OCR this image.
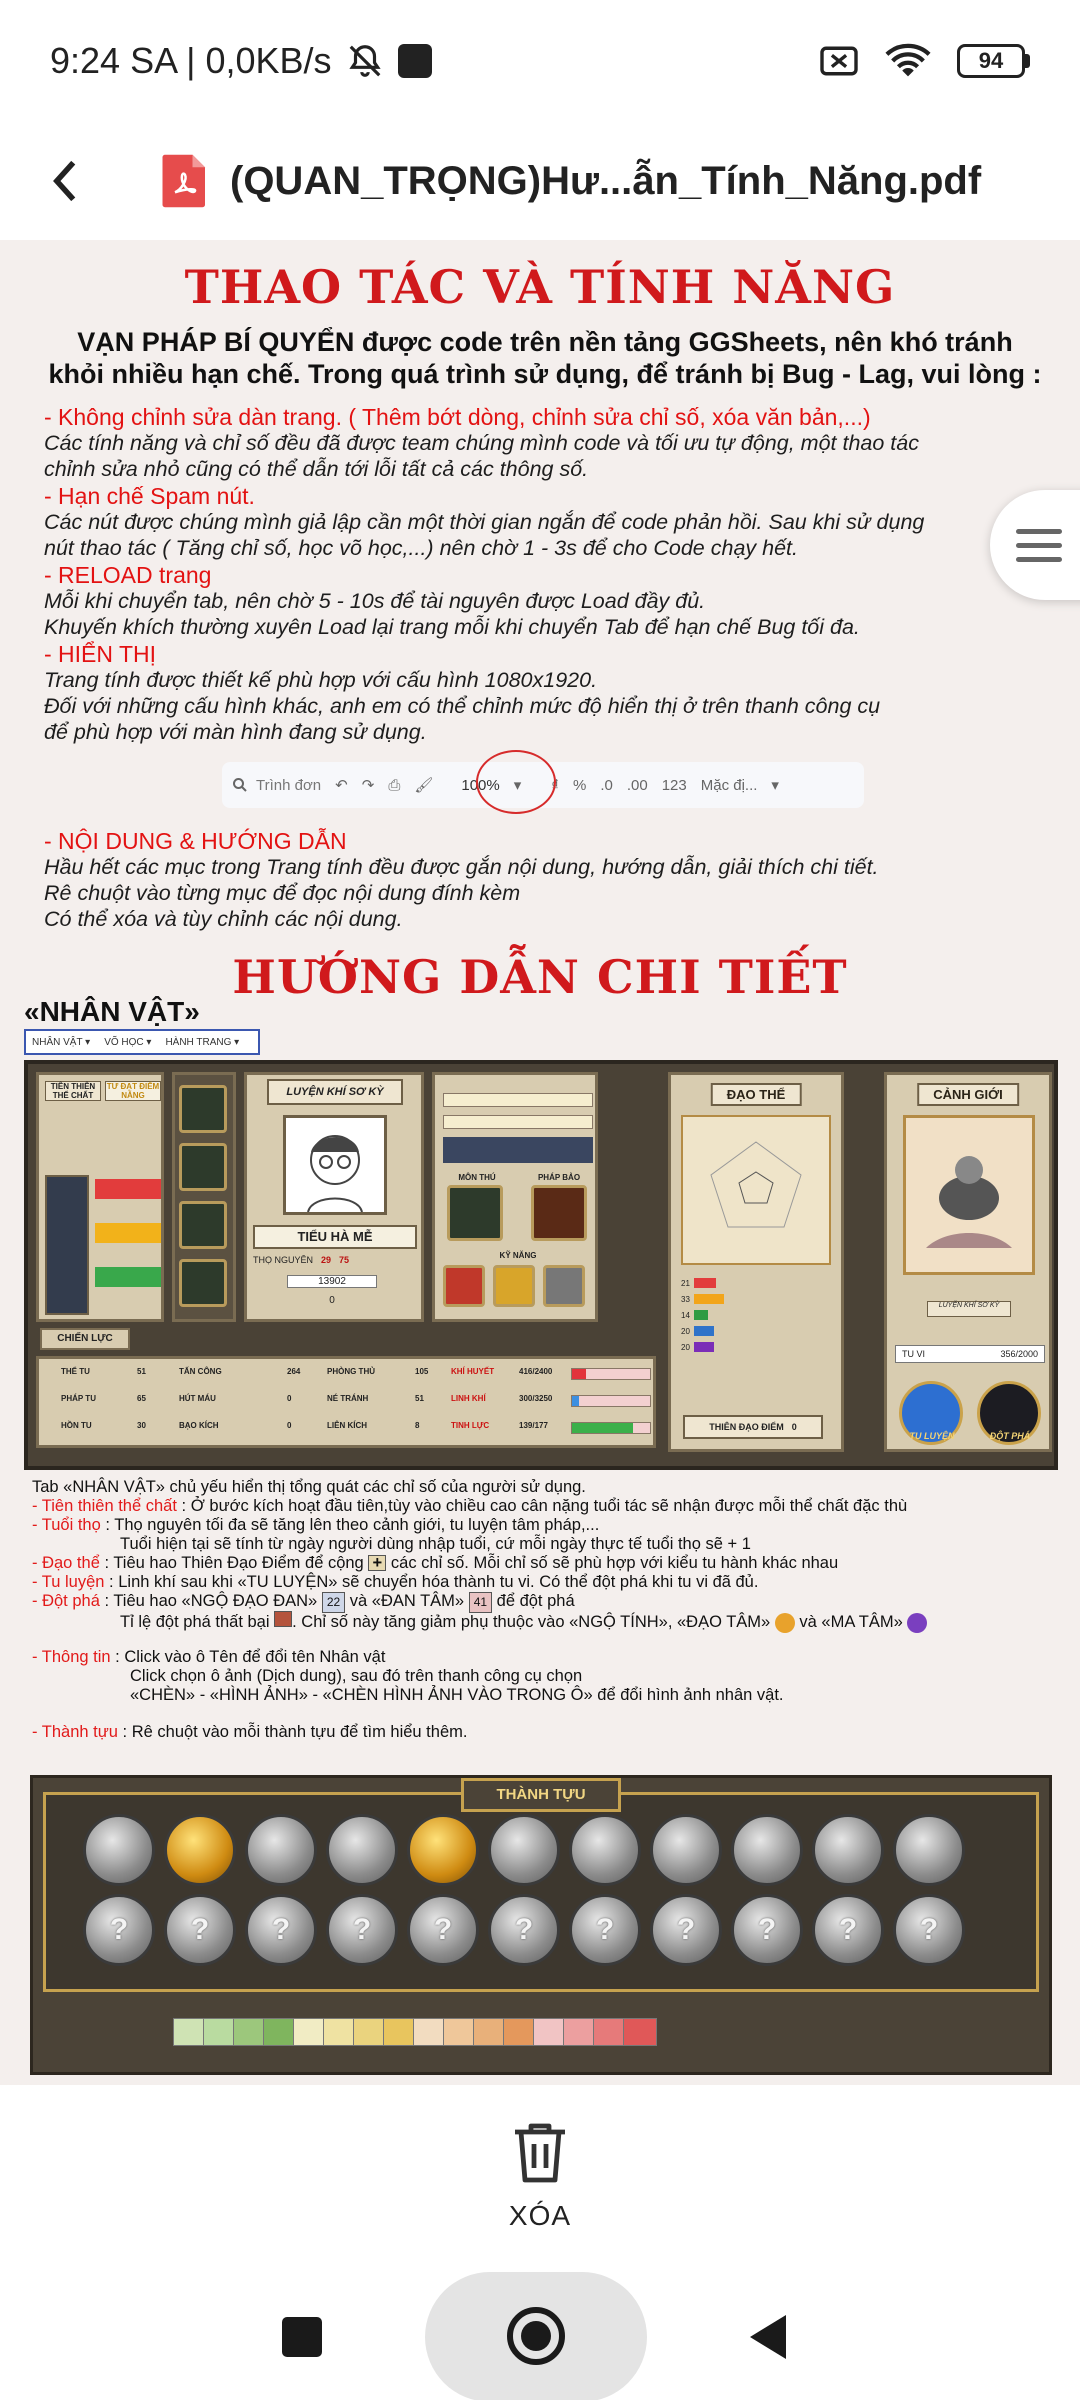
9:24 SA | 0,0KB/s	94
(QUAN_TRỌNG)Hư...ẫn_Tính_Năng.pdf
THAO TÁC VÀ TÍNH NĂNG
VẠN PHÁP BÍ QUYỂN được code trên nền tảng GGSheets, nên khó tránh
khỏi nhiều hạn chế. Trong quá trình sử dụng, để tránh bị Bug - Lag, vui lòng :
- Không chỉnh sửa dàn trang. ( Thêm bớt dòng, chỉnh sửa chỉ số, xóa văn bản,...)
Các tính năng và chỉ số đều đã được team chúng mình code và tối ưu tự động, một thao tác
chỉnh sửa nhỏ cũng có thể dẫn tới lỗi tất cả các thông số.
- Hạn chế Spam nút.
Các nút được chúng mình giả lập cần một thời gian ngắn để code phản hồi. Sau khi sử dụng
nút thao tác ( Tăng chỉ số, học võ học,...) nên chờ 1 - 3s để cho Code chạy hết.
- RELOAD trang
Mỗi khi chuyển tab, nên chờ 5 - 10s để tài nguyên được Load đầy đủ.
Khuyến khích thường xuyên Load lại trang mỗi khi chuyển Tab để hạn chế Bug tối đa.
- HIỂN THỊ
Trang tính được thiết kế phù hợp với cấu hình 1080x1920.
Đối với những cấu hình khác, anh em có thể chỉnh mức độ hiển thị ở trên thanh công cụ
để phù hợp với màn hình đang sử dụng.
Trình đơn ↶ ↷ ⎙ 🖌 100% ▾ ₫ % .0 .00 123 Mặc đị... ▾
- NỘI DUNG & HƯỚNG DẪN
Hầu hết các mục trong Trang tính đều được gắn nội dung, hướng dẫn, giải thích chi tiết.
Rê chuột vào từng mục để đọc nội dung đính kèm
Có thể xóa và tùy chỉnh các nội dung.
HƯỚNG DẪN CHI TIẾT
«NHÂN VẬT»
NHÂN VẬT ▾ VÕ HỌC ▾ HÀNH TRANG ▾
TIÊN THIÊN THỂ CHẤT
TƯ ĐẠT ĐIỂM NĂNG	LUYỆN KHÍ SƠ KỲ
TIỂU HÀ MỄ
THỌ NGUYÊN 29 75
13902
0
MÔN THÚ	PHÁP BẢO
KỸ NĂNG
ĐẠO THỂ
21
33
14
20
20
THIÊN ĐẠO ĐIỂM 0
CẢNH GIỚI
LUYỆN KHÍ SƠ KỲ
TU VI	356/2000
TU LUYỆN	ĐỘT PHÁ
CHIẾN LỰC
THỂ TU	51	TẤN CÔNG	264	PHÒNG THỦ	105	KHÍ HUYẾT	416/2400
PHÁP TU	65	HÚT MÁU	0	NÉ TRÁNH	51	LINH KHÍ	300/3250
HỒN TU	30	BẠO KÍCH	0	LIÊN KÍCH	8	TINH LỰC	139/177
Tab «NHÂN VẬT» chủ yếu hiển thị tổng quát các chỉ số của người sử dụng.
- Tiên thiên thể chất : Ở bước kích hoạt đầu tiên,tùy vào chiều cao cân nặng tuổi tác sẽ nhận được mỗi thể chất đặc thù
- Tuổi thọ : Thọ nguyên tối đa sẽ tăng lên theo cảnh giới, tu luyện tâm pháp,...
Tuổi hiện tại sẽ tính từ ngày người dùng nhập tuổi, cứ mỗi ngày thực tế tuổi thọ sẽ + 1
- Đạo thể : Tiêu hao Thiên Đạo Điểm để cộng + các chỉ số. Mỗi chỉ số sẽ phù hợp với kiểu tu hành khác nhau
- Tu luyện : Linh khí sau khi «TU LUYỆN» sẽ chuyển hóa thành tu vi. Có thể đột phá khi tu vi đã đủ.
- Đột phá : Tiêu hao «NGỘ ĐẠO ĐAN» 22 và «ĐAN TÂM» 41 để đột phá
Tỉ lệ đột phá thất bại . Chỉ số này tăng giảm phụ thuộc vào «NGỘ TÍNH», «ĐẠO TÂM» và «MA TÂM»
- Thông tin : Click vào ô Tên để đổi tên Nhân vật
Click chọn ô ảnh (Dịch dung), sau đó trên thanh công cụ chọn
«CHÈN» - «HÌNH ẢNH» - «CHÈN HÌNH ẢNH VÀO TRONG Ô» để đổi hình ảnh nhân vật.
- Thành tựu : Rê chuột vào mỗi thành tựu để tìm hiểu thêm.
THÀNH TỰU
?	?	?	?	?	?	?	?	?	?	?
XÓA
